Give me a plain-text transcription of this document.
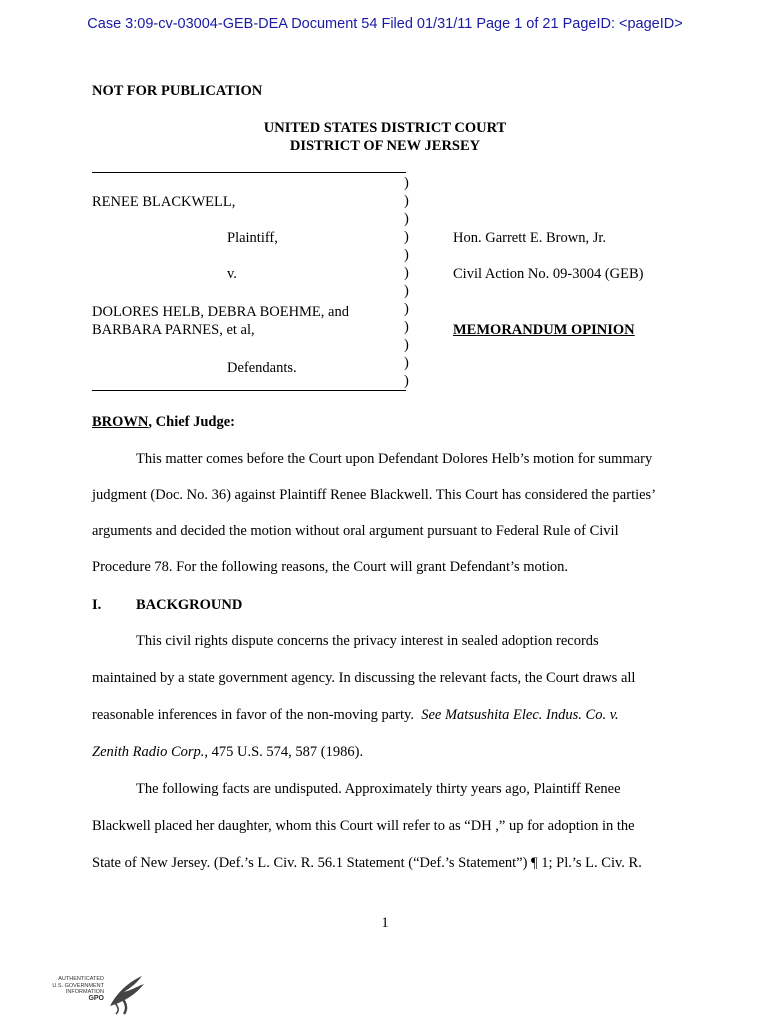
Case 3:09-cv-03004-GEB-DEA Document 54 Filed 01/31/11 Page 1 of 21 PageID: <pageID>
NOT FOR PUBLICATION
UNITED STATES DISTRICT COURT
DISTRICT OF NEW JERSEY
)
)
)
)
)
)
)
)
)
)
)
)
RENEE BLACKWELL,
Plaintiff,
v.
DOLORES HELB, DEBRA BOEHME, and
BARBARA PARNES, et al,
Defendants.
Hon. Garrett E. Brown, Jr.
Civil Action No. 09-3004 (GEB)
MEMORANDUM OPINION
BROWN, Chief Judge:
This matter comes before the Court upon Defendant Dolores Helb’s motion for summary
judgment (Doc. No. 36) against Plaintiff Renee Blackwell. This Court has considered the parties’
arguments and decided the motion without oral argument pursuant to Federal Rule of Civil
Procedure 78. For the following reasons, the Court will grant Defendant’s motion.
I. BACKGROUND
This civil rights dispute concerns the privacy interest in sealed adoption records
maintained by a state government agency. In discussing the relevant facts, the Court draws all
reasonable inferences in favor of the non-moving party.  See Matsushita Elec. Indus. Co. v.
Zenith Radio Corp., 475 U.S. 574, 587 (1986).
The following facts are undisputed. Approximately thirty years ago, Plaintiff Renee
Blackwell placed her daughter, whom this Court will refer to as “DH ,” up for adoption in the
State of New Jersey. (Def.’s L. Civ. R. 56.1 Statement (“Def.’s Statement”) ¶ 1; Pl.’s L. Civ. R.
1
AUTHENTICATED
U.S. GOVERNMENT
INFORMATION
GPO
